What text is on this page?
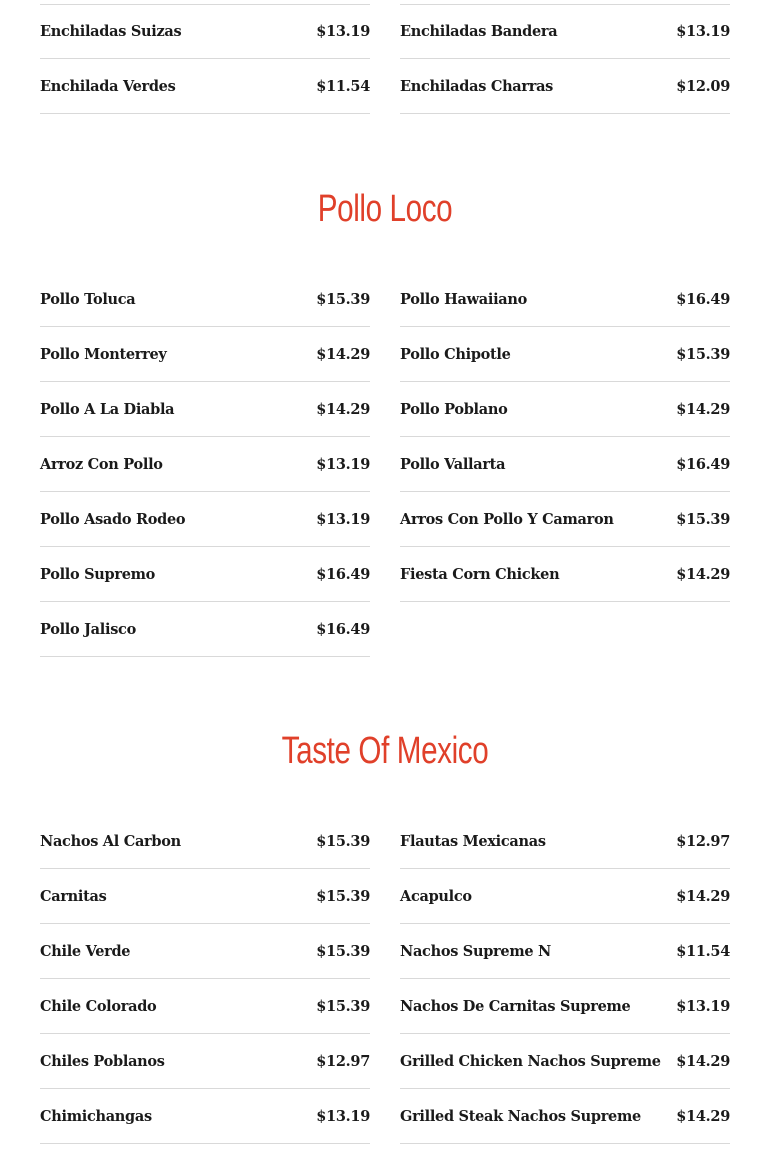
Enchiladas Suizas	$13.19
Enchilada Verdes	$11.54
Enchiladas Bandera	$13.19
Enchiladas Charras	$12.09
Pollo Loco
Pollo Toluca	$15.39
Pollo Monterrey	$14.29
Pollo A La Diabla	$14.29
Arroz Con Pollo	$13.19
Pollo Asado Rodeo	$13.19
Pollo Supremo	$16.49
Pollo Jalisco	$16.49
Pollo Hawaiiano	$16.49
Pollo Chipotle	$15.39
Pollo Poblano	$14.29
Pollo Vallarta	$16.49
Arros Con Pollo Y Camaron	$15.39
Fiesta Corn Chicken	$14.29
Taste Of Mexico
Nachos Al Carbon	$15.39
Carnitas	$15.39
Chile Verde	$15.39
Chile Colorado	$15.39
Chiles Poblanos	$12.97
Chimichangas	$13.19
Flautas Mexicanas	$12.97
Acapulco	$14.29
Nachos Supreme N	$11.54
Nachos De Carnitas Supreme	$13.19
Grilled Chicken Nachos Supreme $14.29
Grilled Steak Nachos Supreme $14.29
